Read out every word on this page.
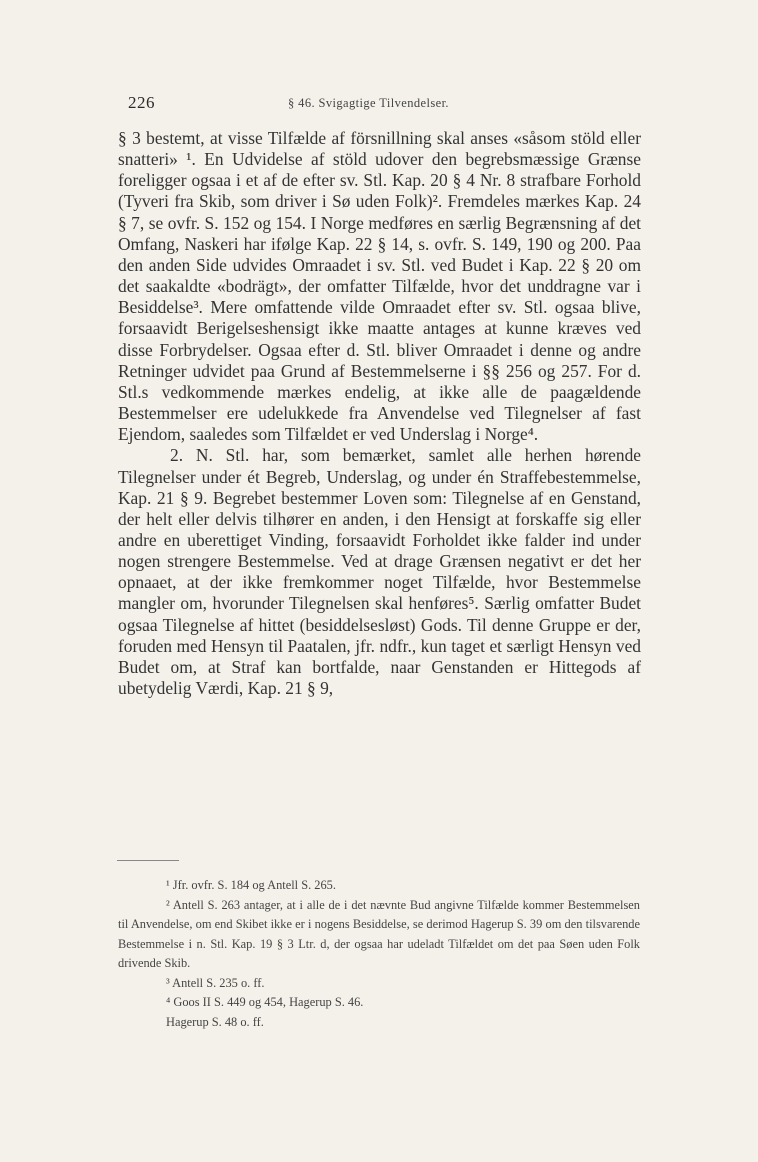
226	§ 46. Svigagtige Tilvendelser.

§ 3 bestemt, at visse Tilfælde af försnillning skal anses «såsom stöld eller snatteri» ¹. En Udvidelse af stöld udover den begrebsmæssige Grænse foreligger ogsaa i et af de efter sv. Stl. Kap. 20 § 4 Nr. 8 strafbare Forhold (Tyveri fra Skib, som driver i Sø uden Folk)². Fremdeles mærkes Kap. 24 § 7, se ovfr. S. 152 og 154. I Norge medføres en særlig Begrænsning af det Omfang, Naskeri har ifølge Kap. 22 § 14, s. ovfr. S. 149, 190 og 200. Paa den anden Side udvides Omraadet i sv. Stl. ved Budet i Kap. 22 § 20 om det saakaldte «bodrägt», der omfatter Tilfælde, hvor det unddragne var i Besiddelse³. Mere omfattende vilde Omraadet efter sv. Stl. ogsaa blive, forsaavidt Berigelseshensigt ikke maatte antages at kunne kræves ved disse Forbrydelser. Ogsaa efter d. Stl. bliver Omraadet i denne og andre Retninger udvidet paa Grund af Bestemmelserne i §§ 256 og 257. For d. Stl.s vedkommende mærkes endelig, at ikke alle de paagældende Bestemmelser ere udelukkede fra Anvendelse ved Tilegnelser af fast Ejendom, saaledes som Tilfældet er ved Underslag i Norge⁴.

2. N. Stl. har, som bemærket, samlet alle herhen hørende Tilegnelser under ét Begreb, Underslag, og under én Straffebestemmelse, Kap. 21 § 9. Begrebet bestemmer Loven som: Tilegnelse af en Genstand, der helt eller delvis tilhører en anden, i den Hensigt at forskaffe sig eller andre en uberettiget Vinding, forsaavidt Forholdet ikke falder ind under nogen strengere Bestemmelse. Ved at drage Grænsen negativt er det her opnaaet, at der ikke fremkommer noget Tilfælde, hvor Bestemmelse mangler om, hvorunder Tilegnelsen skal henføres⁵. Særlig omfatter Budet ogsaa Tilegnelse af hittet (besiddelsesløst) Gods. Til denne Gruppe er der, foruden med Hensyn til Paatalen, jfr. ndfr., kun taget et særligt Hensyn ved Budet om, at Straf kan bortfalde, naar Genstanden er Hittegods af ubetydelig Værdi, Kap. 21 § 9,

¹ Jfr. ovfr. S. 184 og Antell S. 265.

² Antell S. 263 antager, at i alle de i det nævnte Bud angivne Tilfælde kommer Bestemmelsen til Anvendelse, om end Skibet ikke er i nogens Besiddelse, se derimod Hagerup S. 39 om den tilsvarende Bestemmelse i n. Stl. Kap. 19 § 3 Ltr. d, der ogsaa har udeladt Tilfældet om det paa Søen uden Folk drivende Skib.

³ Antell S. 235 o. ff.

⁴ Goos II S. 449 og 454, Hagerup S. 46.

Hagerup S. 48 o. ff.
